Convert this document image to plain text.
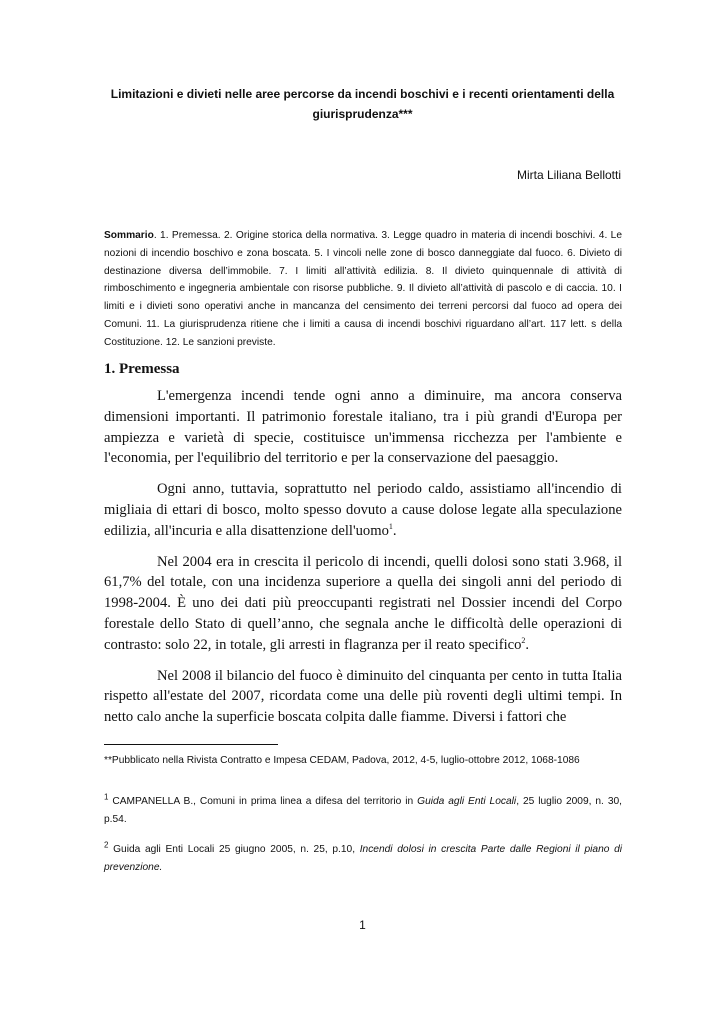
Limitazioni e divieti nelle aree percorse da incendi boschivi e i recenti orientamenti della giurisprudenza***
Mirta Liliana Bellotti
Sommario. 1. Premessa. 2. Origine storica della normativa. 3. Legge quadro in materia di incendi boschivi. 4. Le nozioni di incendio boschivo e zona boscata. 5. I vincoli nelle zone di bosco danneggiate dal fuoco. 6. Divieto di destinazione diversa dell’immobile. 7. I limiti all’attività edilizia. 8. Il divieto quinquennale di attività di rimboschimento e ingegneria ambientale con risorse pubbliche. 9. Il divieto all’attività di pascolo e di caccia. 10. I limiti e i divieti sono operativi anche in mancanza del censimento dei terreni percorsi dal fuoco ad opera dei Comuni. 11. La giurisprudenza ritiene che i limiti a causa di incendi boschivi riguardano all’art. 117 lett. s della Costituzione. 12. Le sanzioni previste.
1. Premessa

L'emergenza incendi tende ogni anno a diminuire, ma ancora conserva dimensioni importanti. Il patrimonio forestale italiano, tra i più grandi d'Europa per ampiezza e varietà di specie, costituisce un'immensa ricchezza per l'ambiente e l'economia, per l'equilibrio del territorio e per la conservazione del paesaggio.

Ogni anno, tuttavia, soprattutto nel periodo caldo, assistiamo all'incendio di migliaia di ettari di bosco, molto spesso dovuto a cause dolose legate alla speculazione edilizia, all'incuria e alla disattenzione dell'uomo$^1$.

Nel 2004 era in crescita il pericolo di incendi, quelli dolosi sono stati 3.968, il 61,7% del totale, con una incidenza superiore a quella dei singoli anni del periodo di 1998-2004. È uno dei dati più preoccupanti registrati nel Dossier incendi del Corpo forestale dello Stato di quell’anno, che segnala anche le difficoltà delle operazioni di contrasto: solo 22, in totale, gli arresti in flagranza per il reato specifico$^2$.

Nel 2008 il bilancio del fuoco è diminuito del cinquanta per cento in tutta Italia rispetto all'estate del 2007, ricordata come una delle più roventi degli ultimi tempi. In netto calo anche la superficie boscata colpita dalle fiamme. Diversi i fattori che

**Pubblicato nella Rivista Contratto e Impesa CEDAM, Padova, 2012, 4-5, luglio-ottobre 2012, 1068-1086
$^1$ CAMPANELLA B., Comuni in prima linea a difesa del territorio in Guida agli Enti Locali, 25 luglio 2009, n. 30, p.54.
$^2$ Guida agli Enti Locali 25 giugno 2005, n. 25, p.10, Incendi dolosi in crescita Parte dalle Regioni il piano di prevenzione.
1
